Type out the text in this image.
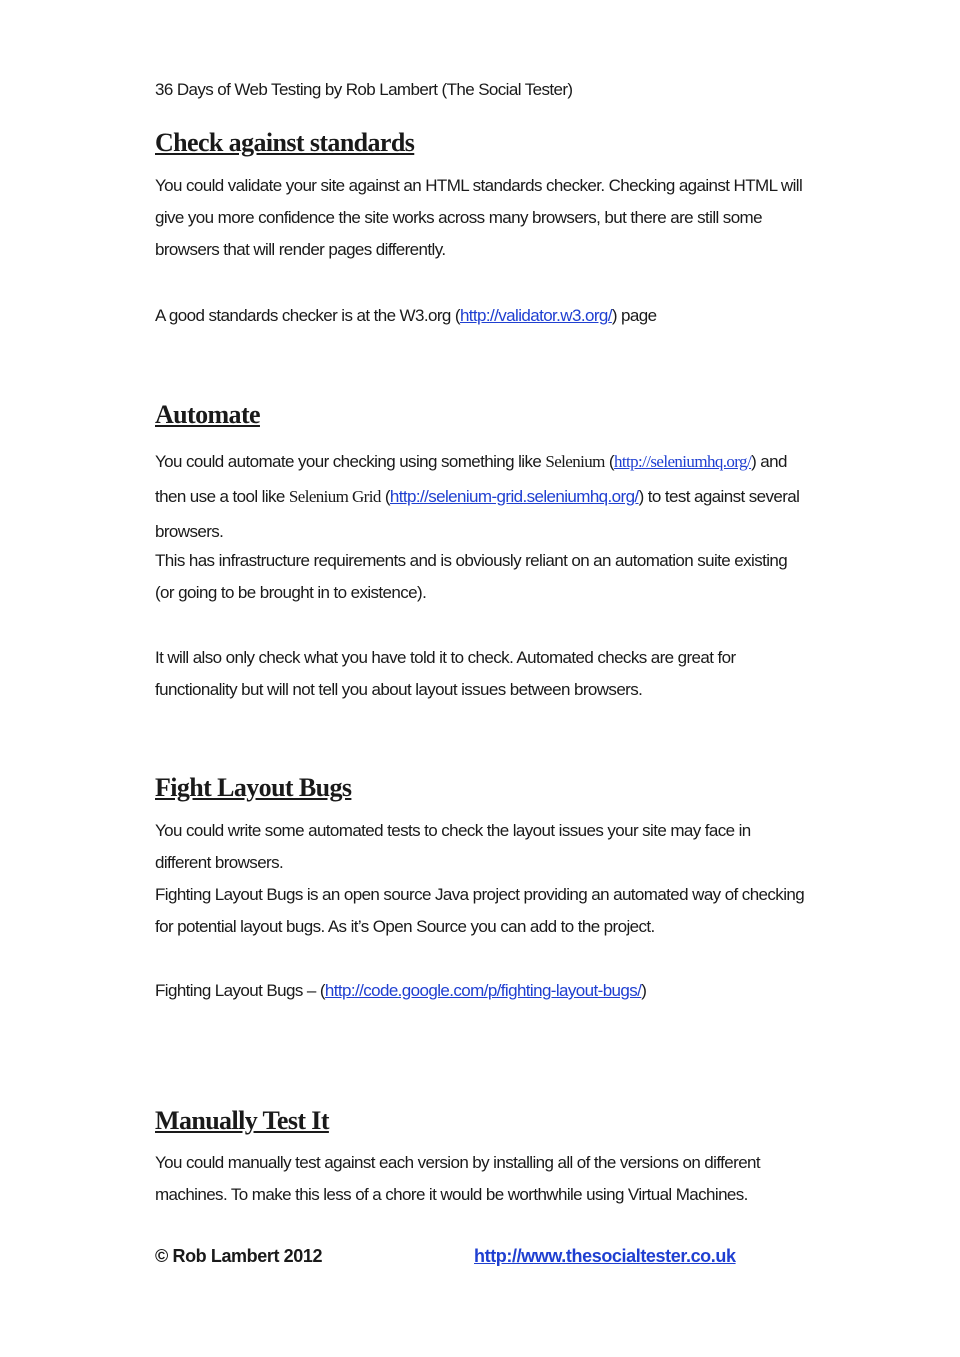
36 Days of Web Testing by Rob Lambert (The Social Tester)
Check against standards
You could validate your site against an HTML standards checker. Checking against HTML will give you more confidence the site works across many browsers, but there are still some browsers that will render pages differently.
A good standards checker is at the W3.org (http://validator.w3.org/) page
Automate
You could automate your checking using something like Selenium (http://seleniumhq.org/) and then use a tool like Selenium Grid (http://selenium-grid.seleniumhq.org/) to test against several browsers.
This has infrastructure requirements and is obviously reliant on an automation suite existing (or going to be brought in to existence).
It will also only check what you have told it to check. Automated checks are great for functionality but will not tell you about layout issues between browsers.
Fight Layout Bugs
You could write some automated tests to check the layout issues your site may face in different browsers.
Fighting Layout Bugs is an open source Java project providing an automated way of checking for potential layout bugs. As it’s Open Source you can add to the project.
Fighting Layout Bugs – (http://code.google.com/p/fighting-layout-bugs/)
Manually Test It
You could manually test against each version by installing all of the versions on different machines. To make this less of a chore it would be worthwhile using Virtual Machines.
© Rob Lambert 2012	http://www.thesocialtester.co.uk
